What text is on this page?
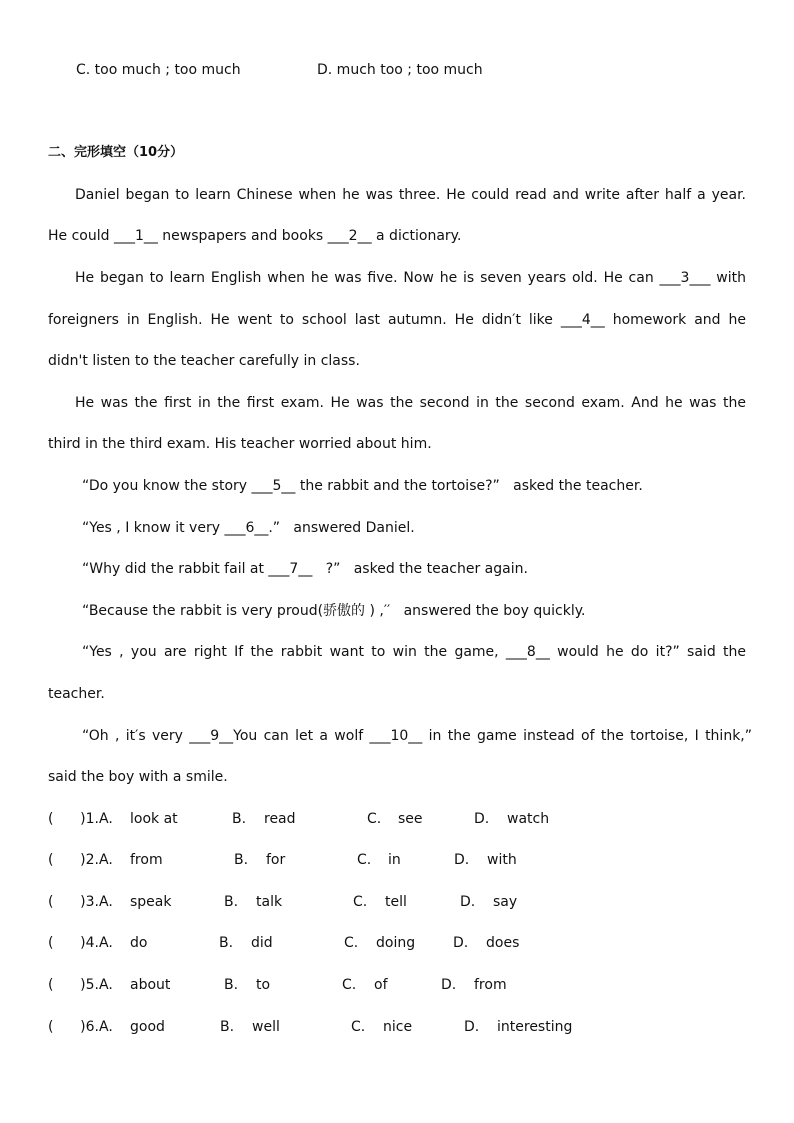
C. too much ; too much	D. much too ; too much
二、完形填空（10分）
Daniel began to learn Chinese when he was three. He could read and write after half a year.
He could ___1__ newspapers and books ___2__ a dictionary.
He began to learn English when he was five. Now he is seven years old. He can ___3___ with
foreigners in English. He went to school last autumn. He didn′t like ___4__ homework and he
didn't listen to the teacher carefully in class.
He was the first in the first exam. He was the second in the second exam. And he was the
third in the third exam. His teacher worried about him.
“Do you know the story ___5__ the rabbit and the tortoise?”   asked the teacher.
“Yes , I know it very ___6__.”   answered Daniel.
“Why did the rabbit fail at ___7__   ?”   asked the teacher again.
“Because the rabbit is very proud(骄傲的 ) ,′′   answered the boy quickly.
“Yes , you are right If the rabbit want to win the game, ___8__ would he do it?” said the
teacher.
“Oh , it′s very ___9__You can let a wolf ___10__ in the game instead of the tortoise, I think,”
said the boy with a smile.
(      )1.A. look at	B. read	C. see	D. watch
(      )2.A. from	B. for	C. in	D. with
(      )3.A. speak	B. talk	C. tell	D. say
(      )4.A. do	B. did	C. doing	D. does
(      )5.A. about	B. to	C. of	D. from
(      )6.A. good	B. well	C. nice	D. interesting
